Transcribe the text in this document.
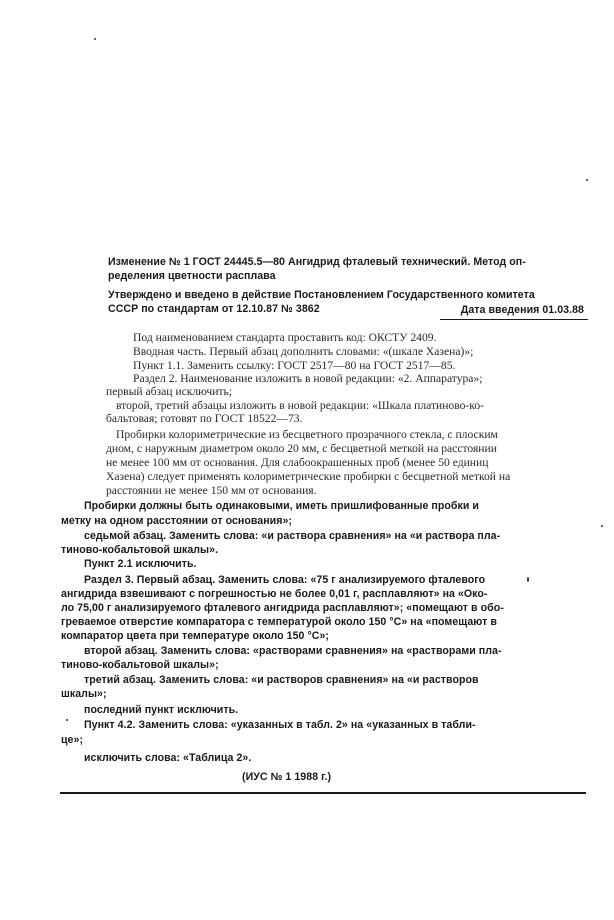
Изменение № 1 ГОСТ 24445.5—80 Ангидрид фталевый технический. Метод оп-
ределения цветности расплава
Утверждено и введено в действие Постановлением Государственного комитета
СССР по стандартам от 12.10.87 № 3862	Дата введения 01.03.88
Под наименованием стандарта проставить код: ОКСТУ 2409.
Вводная часть. Первый абзац дополнить словами: «(шкале Хазена)»;
Пункт 1.1. Заменить ссылку: ГОСТ 2517—80 на ГОСТ 2517—85.
Раздел 2. Наименование изложить в новой редакции: «2. Аппаратура»;
первый абзац исключить;
второй, третий абзацы изложить в новой редакции: «Шкала платиново-ко-
бальтовая; готовят по ГОСТ 18522—73.
Пробирки колориметрические из бесцветного прозрачного стекла, с плоским
дном, с наружным диаметром около 20 мм, с бесцветной меткой на расстоянии
не менее 100 мм от основания. Для слабоокрашенных проб (менее 50 единиц
Хазена) следует применять колориметрические пробирки с бесцветной меткой на
расстоянии не менее 150 мм от основания.
Пробирки должны быть одинаковыми, иметь пришлифованные пробки и
метку на одном расстоянии от основания»;
седьмой абзац. Заменить слова: «и раствора сравнения» на «и раствора пла-
тиново-кобальтовой шкалы».
Пункт 2.1 исключить.
Раздел 3. Первый абзац. Заменить слова: «75 г анализируемого фталевого
ангидрида взвешивают с погрешностью не более 0,01 г, расплавляют» на «Око-
ло 75,00 г анализируемого фталевого ангидрида расплавляют»; «помещают в обо-
греваемое отверстие компаратора с температурой около 150 °С» на «помещают в
компаратор цвета при температуре около 150 °С»;
второй абзац. Заменить слова: «растворами сравнения» на «растворами пла-
тиново-кобальтовой шкалы»;
третий абзац. Заменить слова: «и растворов сравнения» на «и растворов
шкалы»;
последний пункт исключить.
Пункт 4.2. Заменить слова: «указанных в табл. 2» на «указанных в табли-
це»;
исключить слова: «Таблица 2».
(ИУС № 1 1988 г.)
